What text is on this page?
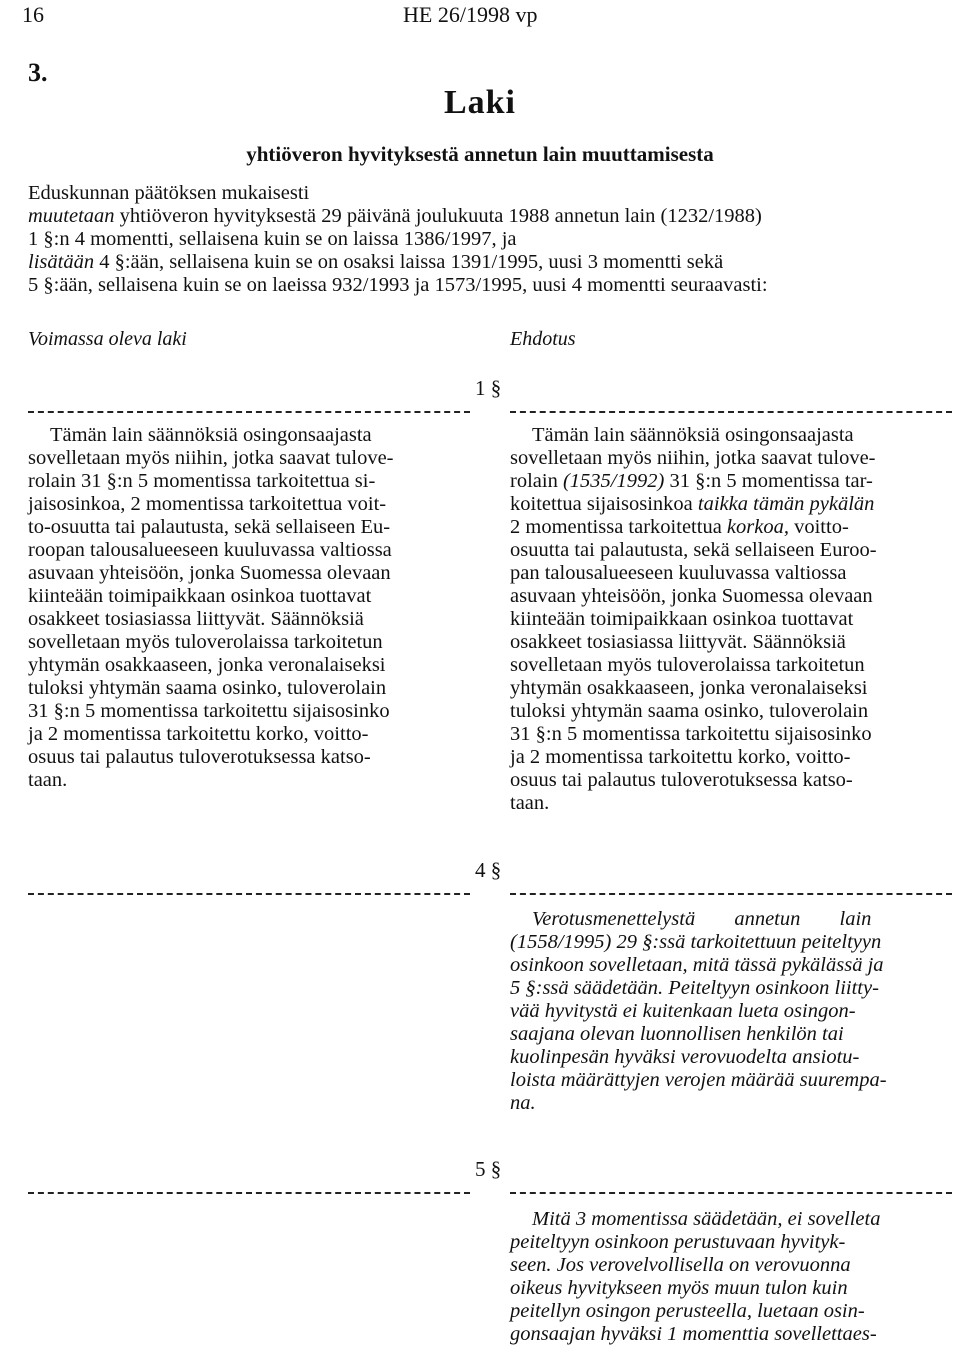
16	HE 26/1998 vp
3.
Laki
yhtiöveron hyvityksestä annetun lain muuttamisesta

Eduskunnan päätöksen mukaisesti

muutetaan yhtiöveron hyvityksestä 29 päivänä joulukuuta 1988 annetun lain (1232/1988)

1 §:n 4 momentti, sellaisena kuin se on laissa 1386/1997, ja

lisätään 4 §:ään, sellaisena kuin se on osaksi laissa 1391/1995, uusi 3 momentti sekä

5 §:ään, sellaisena kuin se on laeissa 932/1993 ja 1573/1995, uusi 4 momentti seuraavasti:

Voimassa oleva laki	Ehdotus
1 §

Tämän lain säännöksiä osingonsaajasta

sovelletaan myös niihin, jotka saavat tulove-

rolain 31 §:n 5 momentissa tarkoitettua si-

jaisosinkoa, 2 momentissa tarkoitettua voit-

to-osuutta tai palautusta, sekä sellaiseen Eu-

roopan talousalueeseen kuuluvassa valtiossa

asuvaan yhteisöön, jonka Suomessa olevaan

kiinteään toimipaikkaan osinkoa tuottavat

osakkeet tosiasiassa liittyvät. Säännöksiä

sovelletaan myös tuloverolaissa tarkoitetun

yhtymän osakkaaseen, jonka veronalaiseksi

tuloksi yhtymän saama osinko, tuloverolain

31 §:n 5 momentissa tarkoitettu sijaisosinko

ja 2 momentissa tarkoitettu korko, voitto-

osuus tai palautus tuloverotuksessa katso-

taan.

Tämän lain säännöksiä osingonsaajasta

sovelletaan myös niihin, jotka saavat tulove-

rolain (1535/1992) 31 §:n 5 momentissa tar-

koitettua sijaisosinkoa taikka tämän pykälän

2 momentissa tarkoitettua korkoa, voitto-

osuutta tai palautusta, sekä sellaiseen Euroo-

pan talousalueeseen kuuluvassa valtiossa

asuvaan yhteisöön, jonka Suomessa olevaan

kiinteään toimipaikkaan osinkoa tuottavat

osakkeet tosiasiassa liittyvät. Säännöksiä

sovelletaan myös tuloverolaissa tarkoitetun

yhtymän osakkaaseen, jonka veronalaiseksi

tuloksi yhtymän saama osinko, tuloverolain

31 §:n 5 momentissa tarkoitettu sijaisosinko

ja 2 momentissa tarkoitettu korko, voitto-

osuus tai palautus tuloverotuksessa katso-

taan.

4 §

Verotusmenettelystä annetun lain

(1558/1995) 29 §:ssä tarkoitettuun peiteltyyn

osinkoon sovelletaan, mitä tässä pykälässä ja

5 §:ssä säädetään. Peiteltyyn osinkoon liitty-

vää hyvitystä ei kuitenkaan lueta osingon-

saajana olevan luonnollisen henkilön tai

kuolinpesän hyväksi verovuodelta ansiotu-

loista määrättyjen verojen määrää suurempa-

na.

5 §

Mitä 3 momentissa säädetään, ei sovelleta

peiteltyyn osinkoon perustuvaan hyvityk-

seen. Jos verovelvollisella on verovuonna

oikeus hyvitykseen myös muun tulon kuin

peitellyn osingon perusteella, luetaan osin-

gonsaajan hyväksi 1 momenttia sovellettaes-
